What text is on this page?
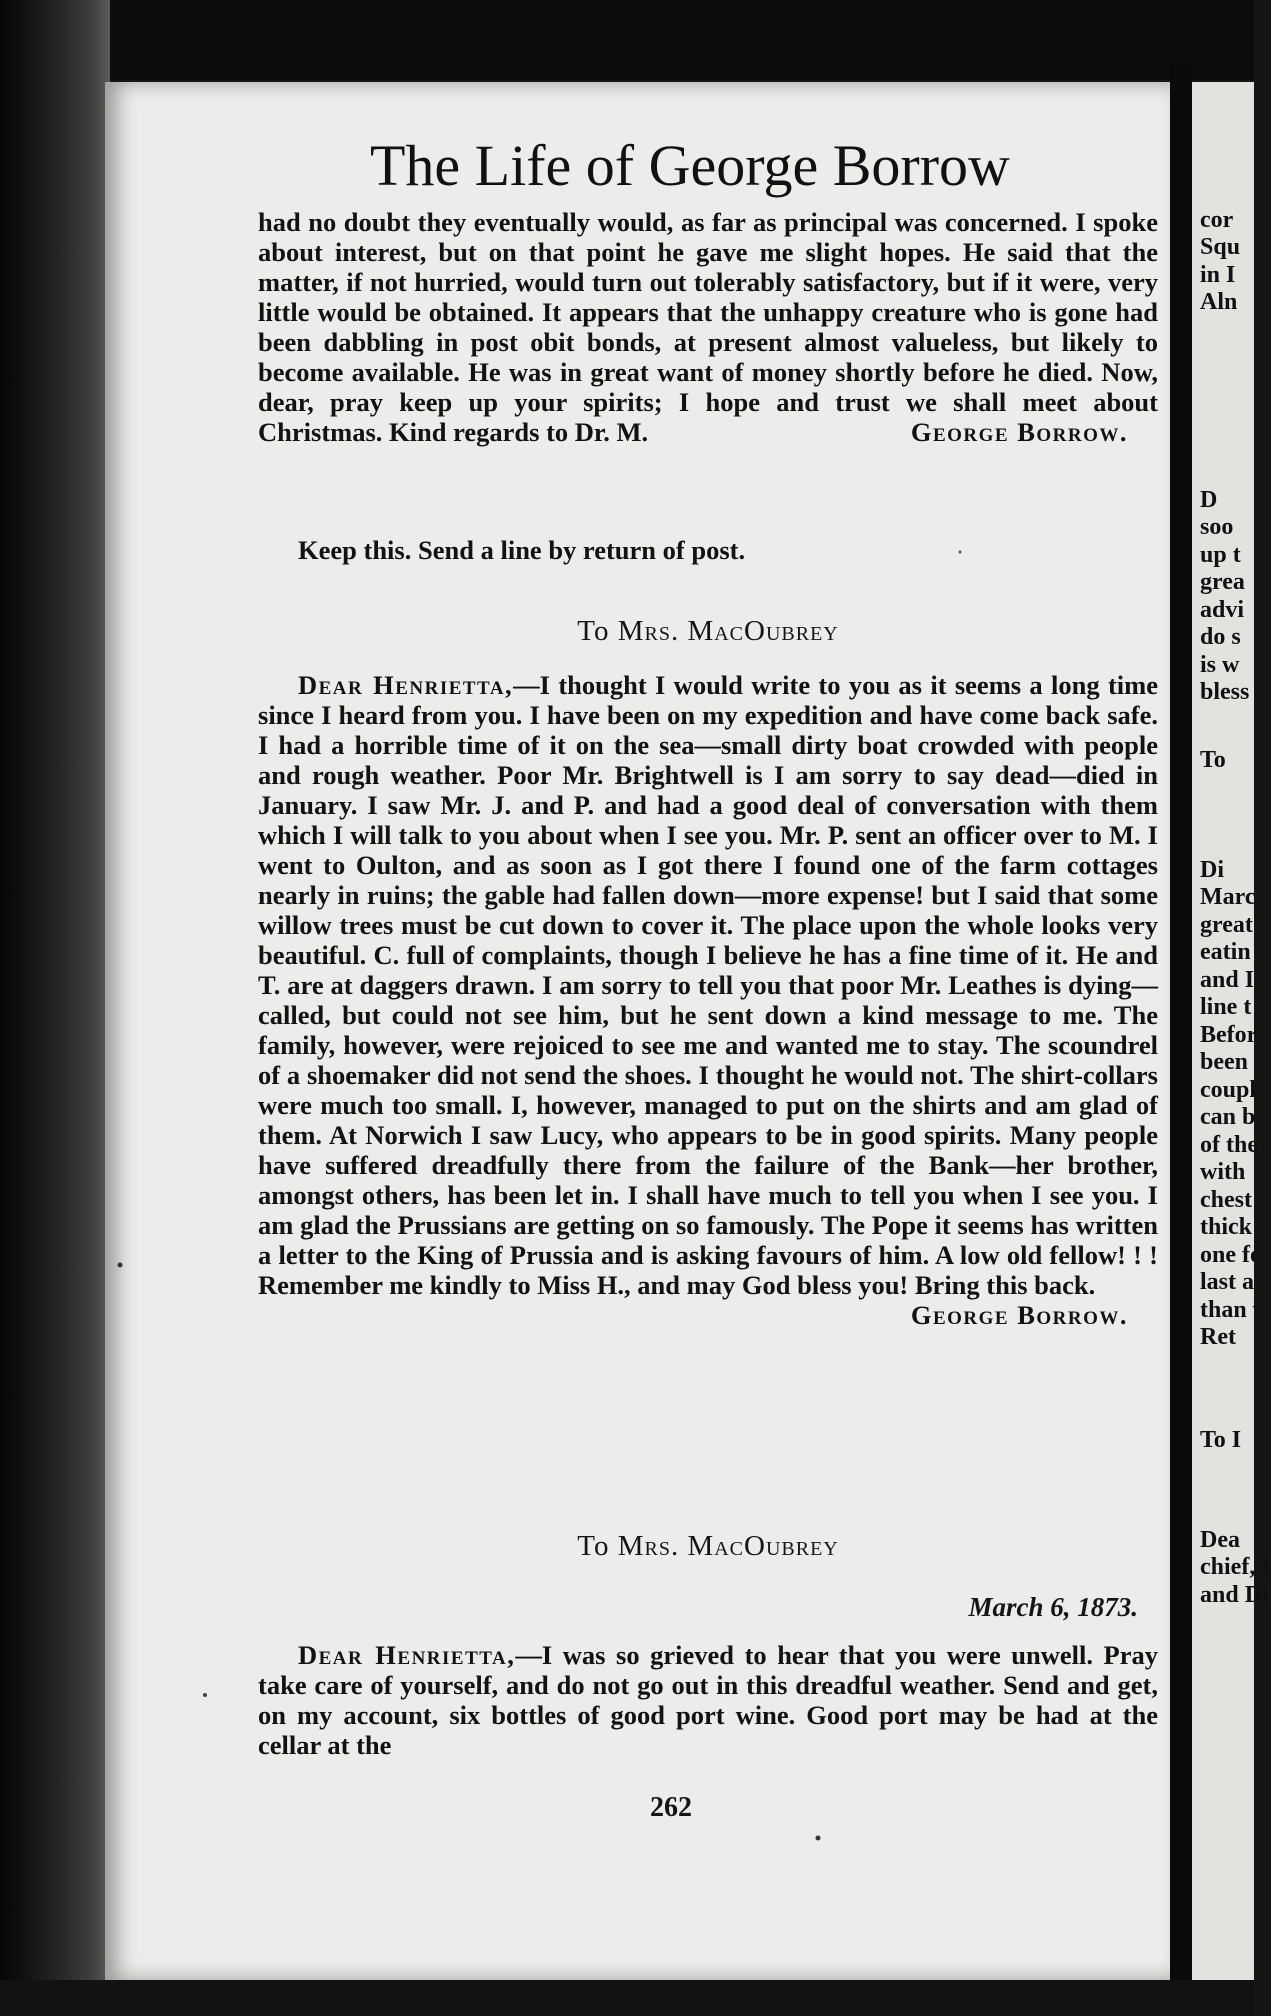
The Life of George Borrow

had no doubt they eventually would, as far as principal was concerned. I spoke about interest, but on that point he gave me slight hopes. He said that the matter, if not hurried, would turn out tolerably satisfactory, but if it were, very little would be obtained. It appears that the unhappy creature who is gone had been dabbling in post obit bonds, at present almost valueless, but likely to become available. He was in great want of money shortly before he died. Now, dear, pray keep up your spirits; I hope and trust we shall meet about Christmas. Kind regards to Dr. M.	George Borrow.

Keep this. Send a line by return of post.

To Mrs. MacOubrey

Dear Henrietta,—I thought I would write to you as it seems a long time since I heard from you. I have been on my expedition and have come back safe. I had a horrible time of it on the sea—small dirty boat crowded with people and rough weather. Poor Mr. Brightwell is I am sorry to say dead—died in January. I saw Mr. J. and P. and had a good deal of conversation with them which I will talk to you about when I see you. Mr. P. sent an officer over to M. I went to Oulton, and as soon as I got there I found one of the farm cottages nearly in ruins; the gable had fallen down—more expense! but I said that some willow trees must be cut down to cover it. The place upon the whole looks very beautiful. C. full of complaints, though I believe he has a fine time of it. He and T. are at daggers drawn. I am sorry to tell you that poor Mr. Leathes is dying—called, but could not see him, but he sent down a kind message to me. The family, however, were rejoiced to see me and wanted me to stay. The scoundrel of a shoemaker did not send the shoes. I thought he would not. The shirt-collars were much too small. I, however, managed to put on the shirts and am glad of them. At Norwich I saw Lucy, who appears to be in good spirits. Many people have suffered dreadfully there from the failure of the Bank—her brother, amongst others, has been let in. I shall have much to tell you when I see you. I am glad the Prussians are getting on so famously. The Pope it seems has written a letter to the King of Prussia and is asking favours of him. A low old fellow! ! ! Remember me kindly to Miss H., and may God bless you! Bring this back.
George Borrow.

To Mrs. MacOubrey
March 6, 1873.

Dear Henrietta,—I was so grieved to hear that you were unwell. Pray take care of yourself, and do not go out in this dreadful weather. Send and get, on my account, six bottles of good port wine. Good port may be had at the cellar at the

262
cor
Squ
in I
Aln
D
soo
up t
grea
advi
do s
is w
bless
To
Di
Marc
great
eatin
and I
line t
Befor
been
coupl
can b
of the
with
chest
thick
one fo
last a
than v
Ret
To I
Dea
chief, I
and Di
